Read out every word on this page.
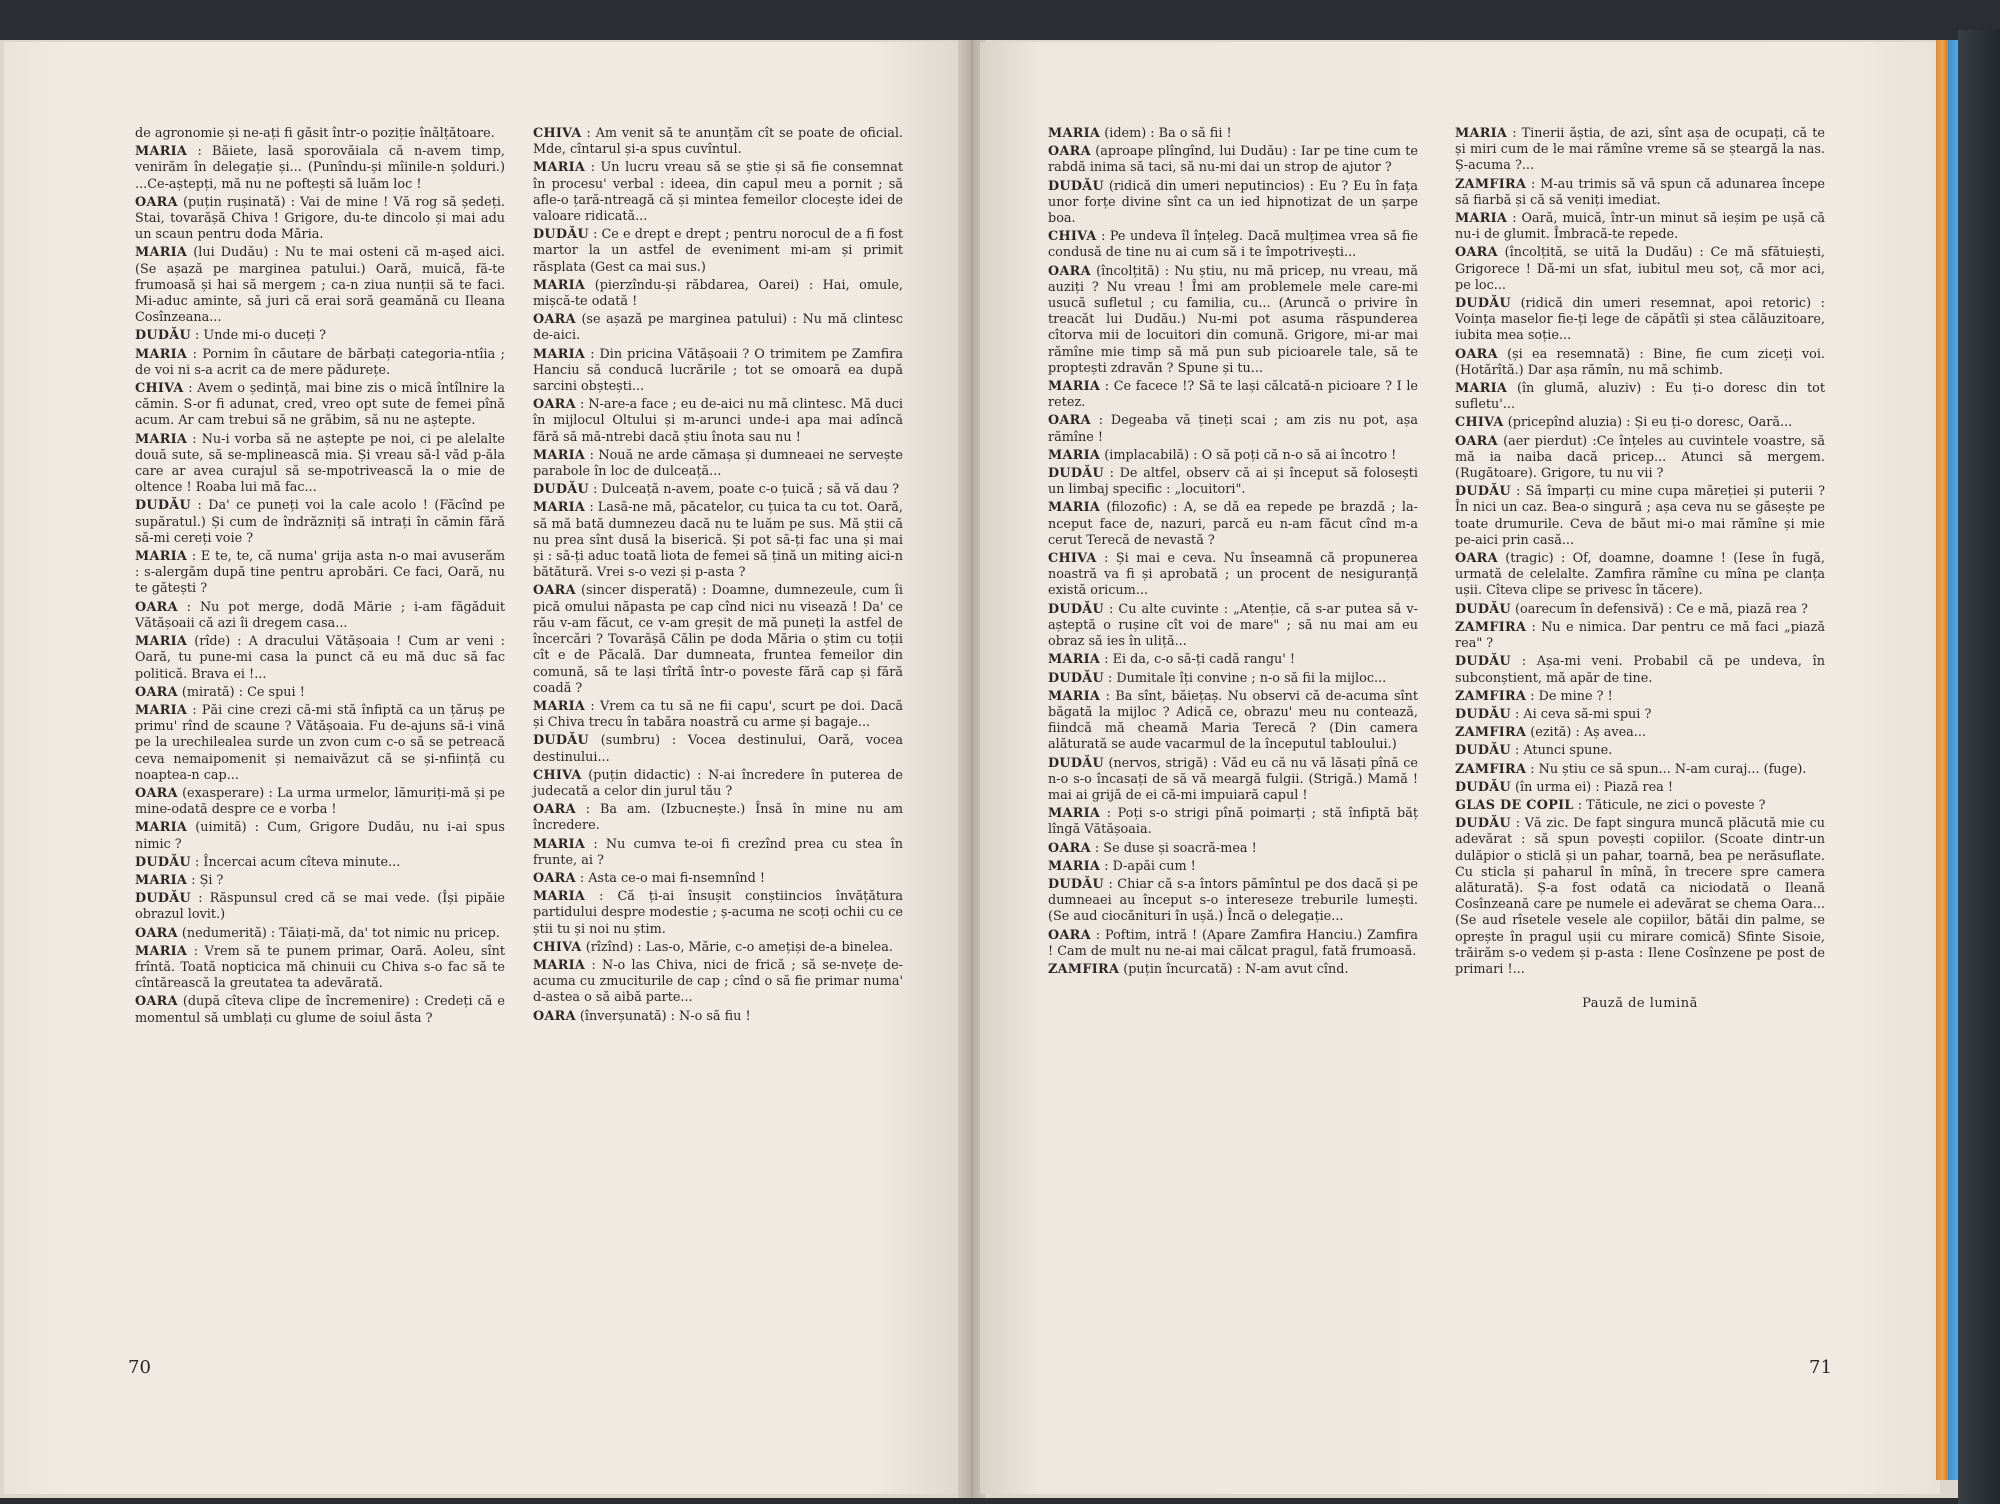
de agronomie și ne-ați fi găsit într-o poziție înălțătoare.

MARIA : Băiete, lasă sporovăiala că n-avem timp, venirăm în delegație și... (Punîndu-și mîinile-n șolduri.) ...Ce-aștepți, mă nu ne poftești să luăm loc !

OARA (puțin rușinată) : Vai de mine ! Vă rog să ședeți. Stai, tovarășă Chiva ! Grigore, du-te dincolo și mai adu un scaun pentru doda Măria.

MARIA (lui Dudău) : Nu te mai osteni că m-așed aici. (Se așază pe marginea patului.) Oară, muică, fă-te frumoasă și hai să mergem ; ca-n ziua nunții să te faci. Mi-aduc aminte, să juri că erai soră geamănă cu Ileana Cosînzeana...

DUDĂU : Unde mi-o duceți ?

MARIA : Pornim în căutare de bărbați categoria-ntîia ; de voi ni s-a acrit ca de mere pădurețe.

CHIVA : Avem o ședință, mai bine zis o mică întîlnire la cămin. S-or fi adunat, cred, vreo opt sute de femei pînă acum. Ar cam trebui să ne grăbim, să nu ne aștepte.

MARIA : Nu-i vorba să ne aștepte pe noi, ci pe alelalte două sute, să se-mplinească mia. Și vreau să-l văd p-ăla care ar avea curajul să se-mpotrivească la o mie de oltence ! Roaba lui mă fac...

DUDĂU : Da' ce puneți voi la cale acolo ! (Făcînd pe supăratul.) Și cum de îndrăzniți să intrați în cămin fără să-mi cereți voie ?

MARIA : E te, te, că numa' grija asta n-o mai avuserăm : s-alergăm după tine pentru aprobări. Ce faci, Oară, nu te gătești ?

OARA : Nu pot merge, dodă Mărie ; i-am făgăduit Vătășoaii că azi îi dregem casa...

MARIA (rîde) : A dracului Vătășoaia ! Cum ar veni : Oară, tu pune-mi casa la punct că eu mă duc să fac politică. Brava ei !...

OARA (mirată) : Ce spui !

MARIA : Păi cine crezi că-mi stă înfiptă ca un țăruș pe primu' rînd de scaune ? Vătășoaia. Fu de-ajuns să-i vină pe la urechilealea surde un zvon cum c-o să se petreacă ceva nemaipomenit și nemaivăzut că se și-nființă cu noaptea-n cap...

OARA (exasperare) : La urma urmelor, lămuriți-mă și pe mine-odată despre ce e vorba !

MARIA (uimită) : Cum, Grigore Dudău, nu i-ai spus nimic ?

DUDĂU : Încercai acum cîteva minute...

MARIA : Și ?

DUDĂU : Răspunsul cred că se mai vede. (Își pipăie obrazul lovit.)

OARA (nedumerită) : Tăiați-mă, da' tot nimic nu pricep.

MARIA : Vrem să te punem primar, Oară. Aoleu, sînt frîntă. Toată nopticica mă chinuii cu Chiva s-o fac să te cîntărească la greutatea ta adevărată.

OARA (după cîteva clipe de încremenire) : Credeți că e momentul să umblați cu glume de soiul ăsta ?

CHIVA : Am venit să te anunțăm cît se poate de oficial. Mde, cîntarul și-a spus cuvîntul.

MARIA : Un lucru vreau să se știe și să fie consemnat în procesu' verbal : ideea, din capul meu a pornit ; să afle-o țară-ntreagă că și mintea femeilor clocește idei de valoare ridicată...

DUDĂU : Ce e drept e drept ; pentru norocul de a fi fost martor la un astfel de eveniment mi-am și primit răsplata (Gest ca mai sus.)

MARIA (pierzîndu-și răbdarea, Oarei) : Hai, omule, mișcă-te odată !

OARA (se așază pe marginea patului) : Nu mă clintesc de-aici.

MARIA : Din pricina Vătășoaii ? O trimitem pe Zamfira Hanciu să conducă lucrările ; tot se omoară ea după sarcini obștești...

OARA : N-are-a face ; eu de-aici nu mă clintesc. Mă duci în mijlocul Oltului și m-arunci unde-i apa mai adîncă fără să mă-ntrebi dacă știu înota sau nu !

MARIA : Nouă ne arde cămașa și dumneaei ne servește parabole în loc de dulceață...

DUDĂU : Dulceață n-avem, poate c-o țuică ; să vă dau ?

MARIA : Lasă-ne mă, păcatelor, cu țuica ta cu tot. Oară, să mă bată dumnezeu dacă nu te luăm pe sus. Mă știi că nu prea sînt dusă la biserică. Și pot să-ți fac una și mai și : să-ți aduc toată liota de femei să țină un miting aici-n bătătură. Vrei s-o vezi și p-asta ?

OARA (sincer disperată) : Doamne, dumnezeule, cum îi pică omului năpasta pe cap cînd nici nu visează ! Da' ce rău v-am făcut, ce v-am greșit de mă puneți la astfel de încercări ? Tovarășă Călin pe doda Măria o știm cu toții cît e de Păcală. Dar dumneata, fruntea femeilor din comună, să te lași tîrîtă într-o poveste fără cap și fără coadă ?

MARIA : Vrem ca tu să ne fii capu', scurt pe doi. Dacă și Chiva trecu în tabăra noastră cu arme și bagaje...

DUDĂU (sumbru) : Vocea destinului, Oară, vocea destinului...

CHIVA (puțin didactic) : N-ai încredere în puterea de judecată a celor din jurul tău ?

OARA : Ba am. (Izbucnește.) Însă în mine nu am încredere.

MARIA : Nu cumva te-oi fi crezînd prea cu stea în frunte, ai ?

OARA : Asta ce-o mai fi-nsemnînd !

MARIA : Că ți-ai însușit conștiincios învățătura partidului despre modestie ; ș-acuma ne scoți ochii cu ce știi tu și noi nu știm.

CHIVA (rîzînd) : Las-o, Mărie, c-o amețiși de-a binelea.

MARIA : N-o las Chiva, nici de frică ; să se-nvețe de-acuma cu zmuciturile de cap ; cînd o să fie primar numa' d-astea o să aibă parte...

OARA (înverșunată) : N-o să fiu !

MARIA (idem) : Ba o să fii !

OARA (aproape plîngînd, lui Dudău) : Iar pe tine cum te rabdă inima să taci, să nu-mi dai un strop de ajutor ?

DUDĂU (ridică din umeri neputincios) : Eu ? Eu în fața unor forțe divine sînt ca un ied hipnotizat de un șarpe boa.

CHIVA : Pe undeva îl înțeleg. Dacă mulțimea vrea să fie condusă de tine nu ai cum să i te împotrivești...

OARA (încolțită) : Nu știu, nu mă pricep, nu vreau, mă auziți ? Nu vreau ! Îmi am problemele mele care-mi usucă sufletul ; cu familia, cu... (Aruncă o privire în treacăt lui Dudău.) Nu-mi pot asuma răspunderea cîtorva mii de locuitori din comună. Grigore, mi-ar mai rămîne mie timp să mă pun sub picioarele tale, să te proptești zdravăn ? Spune și tu...

MARIA : Ce facece !? Să te lași călcată-n picioare ? I le retez.

OARA : Degeaba vă țineți scai ; am zis nu pot, așa rămîne !

MARIA (implacabilă) : O să poți că n-o să ai încotro !

DUDĂU : De altfel, observ că ai și început să folosești un limbaj specific : „locuitori".

MARIA (filozofic) : A, se dă ea repede pe brazdă ; la-nceput face de, nazuri, parcă eu n-am făcut cînd m-a cerut Terecă de nevastă ?

CHIVA : Și mai e ceva. Nu înseamnă că propunerea noastră va fi și aprobată ; un procent de nesiguranță există oricum...

DUDĂU : Cu alte cuvinte : „Atenție, că s-ar putea să v-așteptă o rușine cît voi de mare" ; să nu mai am eu obraz să ies în uliță...

MARIA : Ei da, c-o să-ți cadă rangu' !

DUDĂU : Dumitale îți convine ; n-o să fii la mijloc...

MARIA : Ba sînt, băiețaș. Nu observi că de-acuma sînt băgată la mijloc ? Adică ce, obrazu' meu nu contează, fiindcă mă cheamă Maria Terecă ? (Din camera alăturată se aude vacarmul de la începutul tabloului.)

DUDĂU (nervos, strigă) : Văd eu că nu vă lăsați pînă ce n-o s-o încasați de să vă meargă fulgii. (Strigă.) Mamă ! mai ai grijă de ei că-mi impuiară capul !

MARIA : Poți s-o strigi pînă poimarți ; stă înfiptă băț lîngă Vătășoaia.

OARA : Se duse și soacră-mea !

MARIA : D-apăi cum !

DUDĂU : Chiar că s-a întors pămîntul pe dos dacă și pe dumneaei au început s-o intereseze treburile lumești. (Se aud ciocănituri în ușă.) Încă o delegație...

OARA : Poftim, intră ! (Apare Zamfira Hanciu.) Zamfira ! Cam de mult nu ne-ai mai călcat pragul, fată frumoasă.

ZAMFIRA (puțin încurcată) : N-am avut cînd.

MARIA : Tinerii ăștia, de azi, sînt așa de ocupați, că te și miri cum de le mai rămîne vreme să se șteargă la nas. Ș-acuma ?...

ZAMFIRA : M-au trimis să vă spun că adunarea începe să fiarbă și că să veniți imediat.

MARIA : Oară, muică, într-un minut să ieșim pe ușă că nu-i de glumit. Îmbracă-te repede.

OARA (încolțită, se uită la Dudău) : Ce mă sfătuiești, Grigorece ! Dă-mi un sfat, iubitul meu soț, că mor aci, pe loc...

DUDĂU (ridică din umeri resemnat, apoi retoric) : Voința maselor fie-ți lege de căpătîi și stea călăuzitoare, iubita mea soție...

OARA (și ea resemnată) : Bine, fie cum ziceți voi. (Hotărîtă.) Dar așa rămîn, nu mă schimb.

MARIA (în glumă, aluziv) : Eu ți-o doresc din tot sufletu'...

CHIVA (pricepînd aluzia) : Și eu ți-o doresc, Oară...

OARA (aer pierdut) :Ce înțeles au cuvintele voastre, să mă ia naiba dacă pricep... Atunci să mergem. (Rugătoare). Grigore, tu nu vii ?

DUDĂU : Să împarți cu mine cupa măreției și puterii ? În nici un caz. Bea-o singură ; așa ceva nu se găsește pe toate drumurile. Ceva de băut mi-o mai rămîne și mie pe-aici prin casă...

OARA (tragic) : Of, doamne, doamne ! (Iese în fugă, urmată de celelalte. Zamfira rămîne cu mîna pe clanța ușii. Cîteva clipe se privesc în tăcere).

DUDĂU (oarecum în defensivă) : Ce e mă, piază rea ?

ZAMFIRA : Nu e nimica. Dar pentru ce mă faci „piază rea" ?

DUDĂU : Așa-mi veni. Probabil că pe undeva, în subconștient, mă apăr de tine.

ZAMFIRA : De mine ? !

DUDĂU : Ai ceva să-mi spui ?

ZAMFIRA (ezită) : Aș avea...

DUDĂU : Atunci spune.

ZAMFIRA : Nu știu ce să spun... N-am curaj... (fuge).

DUDĂU (în urma ei) : Piază rea !

GLAS DE COPIL : Tăticule, ne zici o poveste ?

DUDĂU : Vă zic. De fapt singura muncă plăcută mie cu adevărat : să spun povești copiilor. (Scoate dintr-un dulăpior o sticlă și un pahar, toarnă, bea pe nerăsuflate. Cu sticla și paharul în mînă, în trecere spre camera alăturată). Ș-a fost odată ca niciodată o Ileană Cosînzeană care pe numele ei adevărat se chema Oara... (Se aud rîsetele vesele ale copiilor, bătăi din palme, se oprește în pragul ușii cu mirare comică) Sfinte Sisoie, trăirăm s-o vedem și p-asta : Ilene Cosînzene pe post de primari !...

Pauză de lumină
70	71
